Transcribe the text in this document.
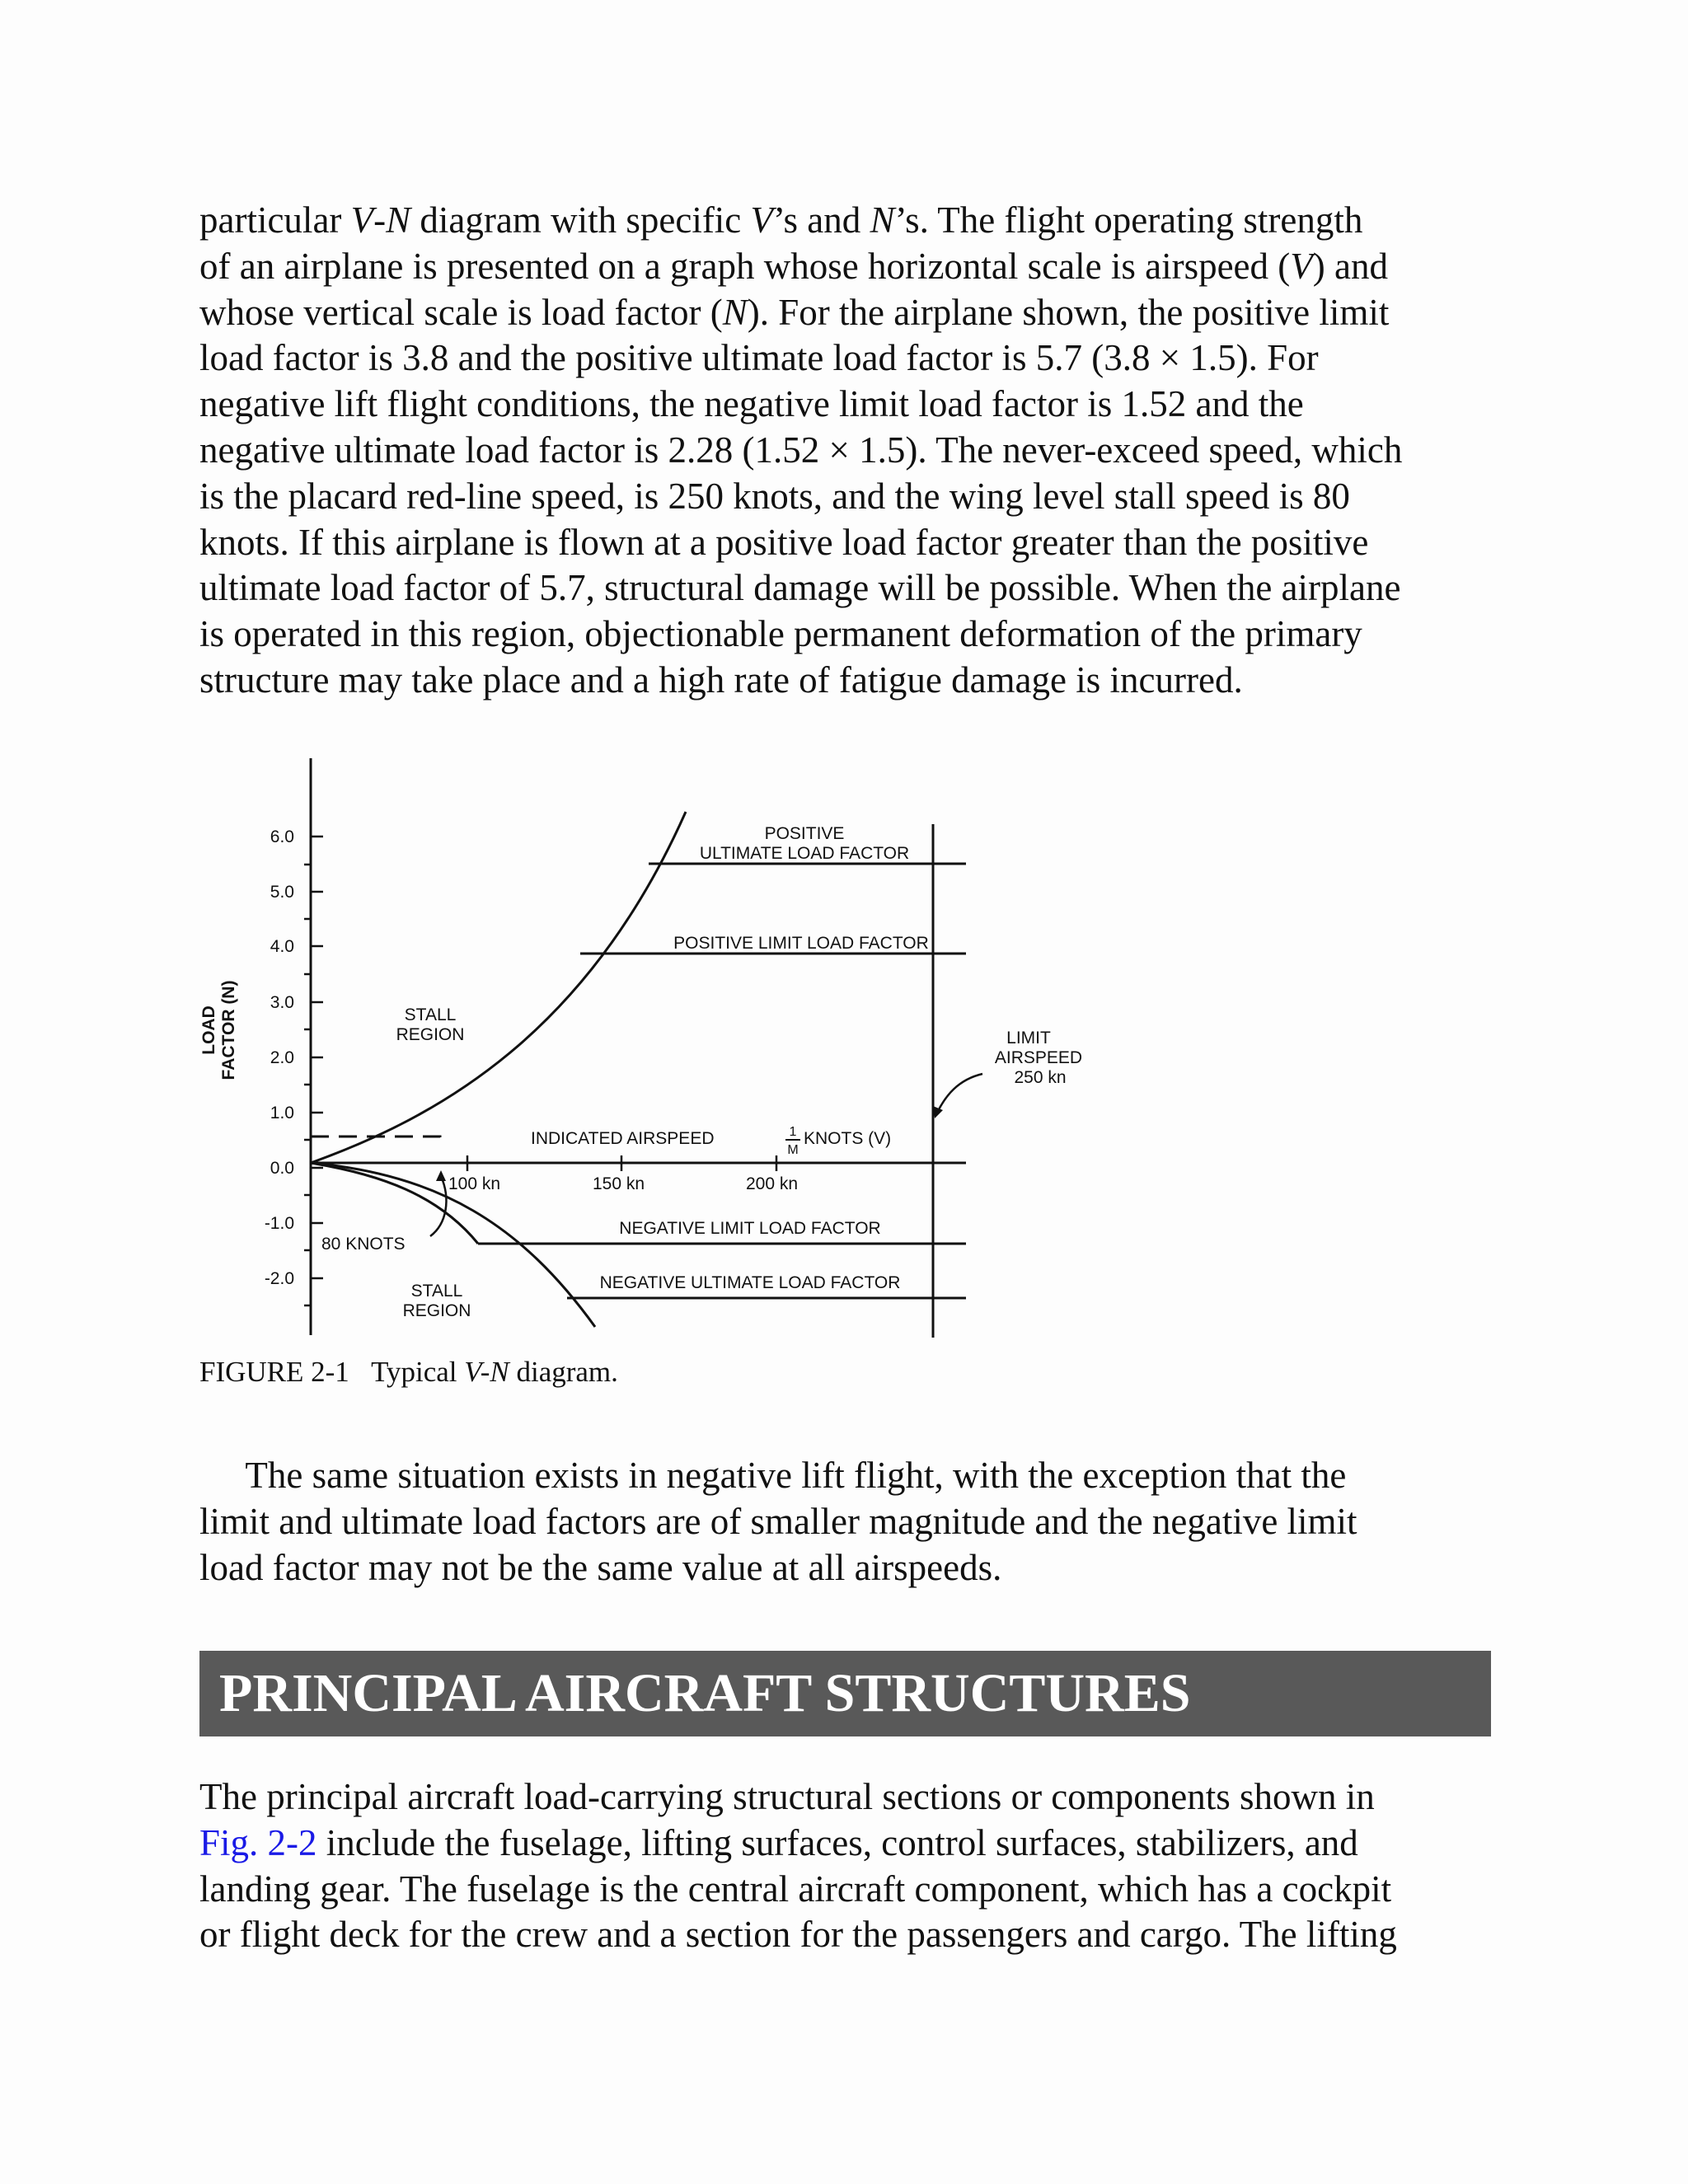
particular V-N diagram with specific V’s and N’s. The flight operating strength
of an airplane is presented on a graph whose horizontal scale is airspeed (V) and
whose vertical scale is load factor (N). For the airplane shown, the positive limit
load factor is 3.8 and the positive ultimate load factor is 5.7 (3.8 × 1.5). For
negative lift flight conditions, the negative limit load factor is 1.52 and the
negative ultimate load factor is 2.28 (1.52 × 1.5). The never-exceed speed, which
is the placard red-line speed, is 250 knots, and the wing level stall speed is 80
knots. If this airplane is flown at a positive load factor greater than the positive
ultimate load factor of 5.7, structural damage will be possible. When the airplane
is operated in this region, objectionable permanent deformation of the primary
structure may take place and a high rate of fatigue damage is incurred.

6.0
5.0
4.0
3.0
2.0
1.0
0.0
-1.0
-2.0
LOAD FACTOR (N)
100 kn	150 kn	200 kn
INDICATED AIRSPEED	1
M
KNOTS (V)
POSITIVE
ULTIMATE LOAD FACTOR
POSITIVE LIMIT LOAD FACTOR
NEGATIVE LIMIT LOAD FACTOR
NEGATIVE ULTIMATE LOAD FACTOR
STALL
REGION
STALL
REGION
LIMIT
AIRSPEED
250 kn
80 KNOTS
FIGURE 2-1 Typical V-N diagram.

The same situation exists in negative lift flight, with the exception that the
limit and ultimate load factors are of smaller magnitude and the negative limit
load factor may not be the same value at all airspeeds.

PRINCIPAL AIRCRAFT STRUCTURES

The principal aircraft load-carrying structural sections or components shown in
Fig. 2-2 include the fuselage, lifting surfaces, control surfaces, stabilizers, and
landing gear. The fuselage is the central aircraft component, which has a cockpit
or flight deck for the crew and a section for the passengers and cargo. The lifting
